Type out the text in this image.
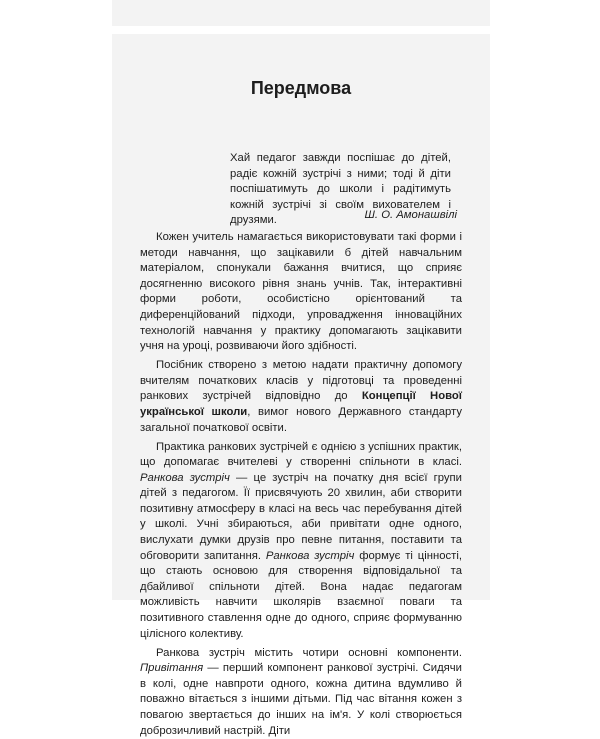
Передмова

Хай педагог завжди поспішає до дітей, радіє кожній зустрічі з ними; тоді й діти поспішатимуть до школи і радітимуть кожній зустрічі зі своїм вихователем і друзями.	Ш. О. Амонашвілі

Кожен учитель намагається використовувати такі форми і методи навчання, що зацікавили б дітей навчальним матеріалом, спонукали бажання вчитися, що сприяє досягненню високого рівня знань учнів. Так, інтерактивні форми роботи, особистісно орієнтований та диференційований підходи, упровадження інноваційних технологій навчання у практику допомагають зацікавити учня на уроці, розвиваючи його здібності.

Посібник створено з метою надати практичну допомогу вчителям початкових класів у підготовці та проведенні ранкових зустрічей відповідно до Концепції Нової української школи, вимог нового Державного стандарту загальної початкової освіти.

Практика ранкових зустрічей є однією з успішних практик, що допомагає вчителеві у створенні спільноти в класі. Ранкова зустріч — це зустріч на початку дня всієї групи дітей з педагогом. Її присвячують 20 хвилин, аби створити позитивну атмосферу в класі на весь час перебування дітей у школі. Учні збираються, аби привітати одне одного, вислухати думки друзів про певне питання, поставити та обговорити запитання. Ранкова зустріч формує ті цінності, що стають основою для створення відповідальної та дбайливої спільноти дітей. Вона надає педагогам можливість навчити школярів взаємної поваги та позитивного ставлення одне до одного, сприяє формуванню цілісного колективу.

Ранкова зустріч містить чотири основні компоненти. Привітання — перший компонент ранкової зустрічі. Сидячи в колі, одне навпроти одного, кожна дитина вдумливо й поважно вітається з іншими дітьми. Під час вітання кожен з повагою звертається до інших на ім'я. У колі створюється доброзичливий настрій. Діти
